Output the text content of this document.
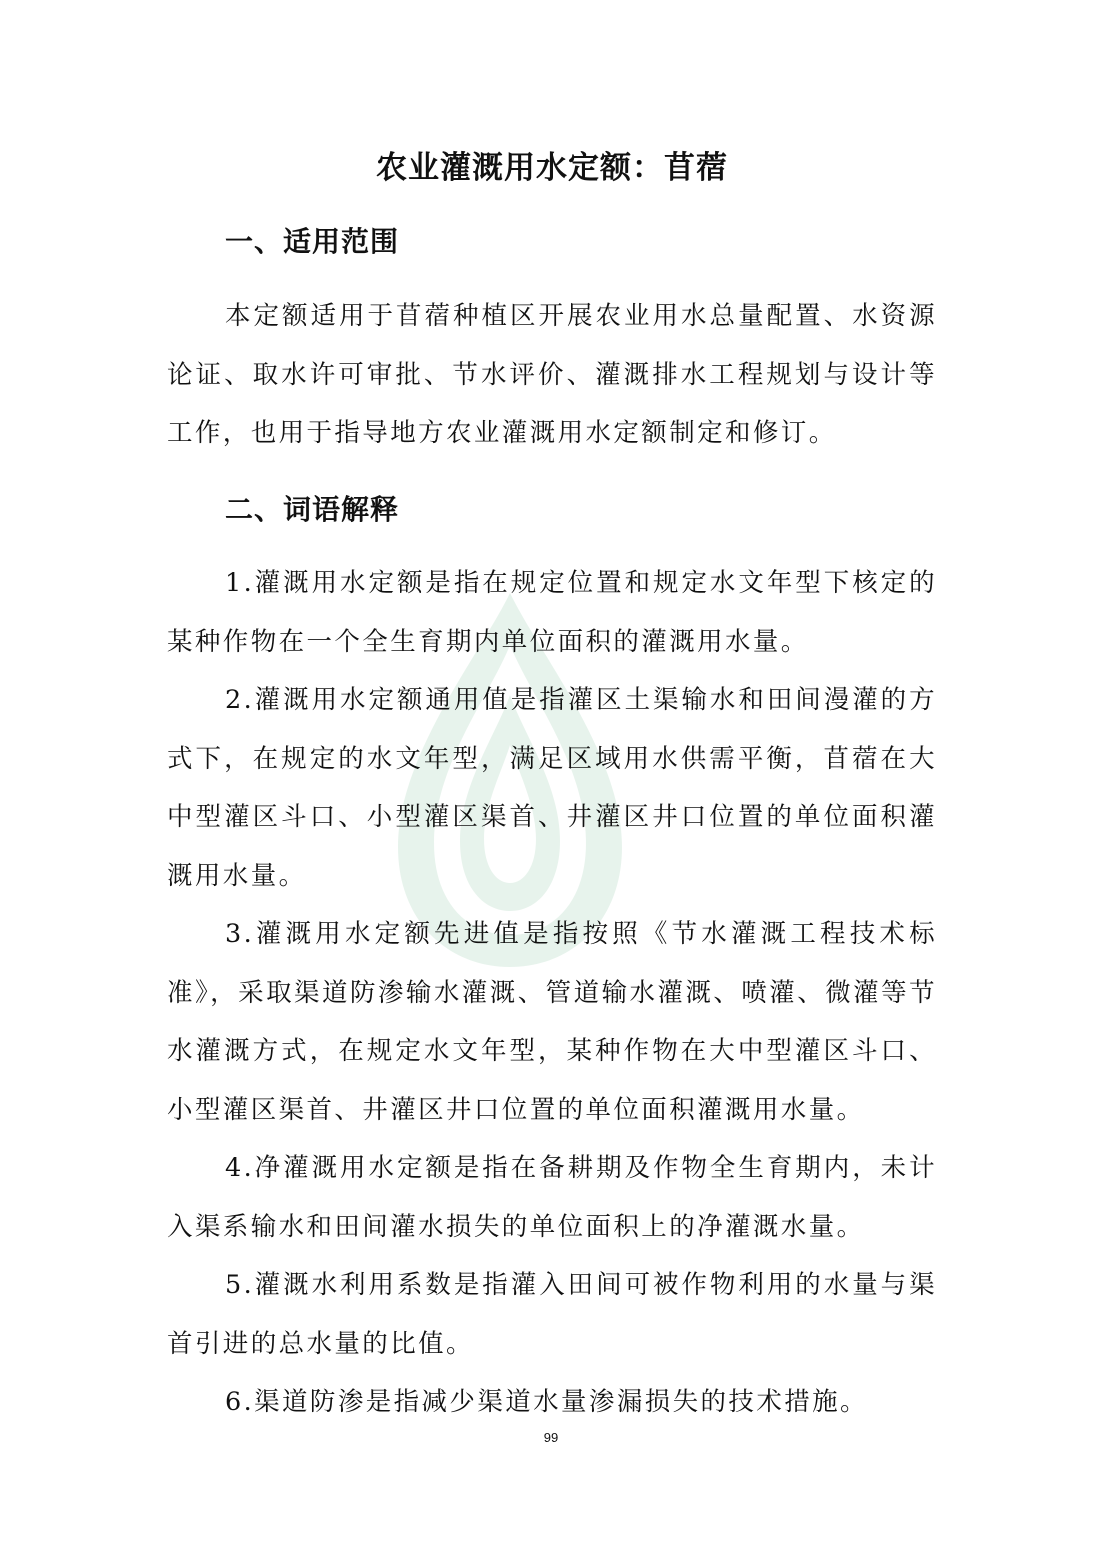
农业灌溉用水定额：苜蓿
一、适用范围

本定额适用于苜蓿种植区开展农业用水总量配置、水资源论证、取水许可审批、节水评价、灌溉排水工程规划与设计等工作，也用于指导地方农业灌溉用水定额制定和修订。

二、词语解释

1.灌溉用水定额是指在规定位置和规定水文年型下核定的某种作物在一个全生育期内单位面积的灌溉用水量。

2.灌溉用水定额通用值是指灌区土渠输水和田间漫灌的方式下，在规定的水文年型，满足区域用水供需平衡，苜蓿在大中型灌区斗口、小型灌区渠首、井灌区井口位置的单位面积灌溉用水量。

3.灌溉用水定额先进值是指按照《节水灌溉工程技术标准》，采取渠道防渗输水灌溉、管道输水灌溉、喷灌、微灌等节水灌溉方式，在规定水文年型，某种作物在大中型灌区斗口、小型灌区渠首、井灌区井口位置的单位面积灌溉用水量。

4.净灌溉用水定额是指在备耕期及作物全生育期内，未计入渠系输水和田间灌水损失的单位面积上的净灌溉水量。

5.灌溉水利用系数是指灌入田间可被作物利用的水量与渠首引进的总水量的比值。

6.渠道防渗是指减少渠道水量渗漏损失的技术措施。

99
